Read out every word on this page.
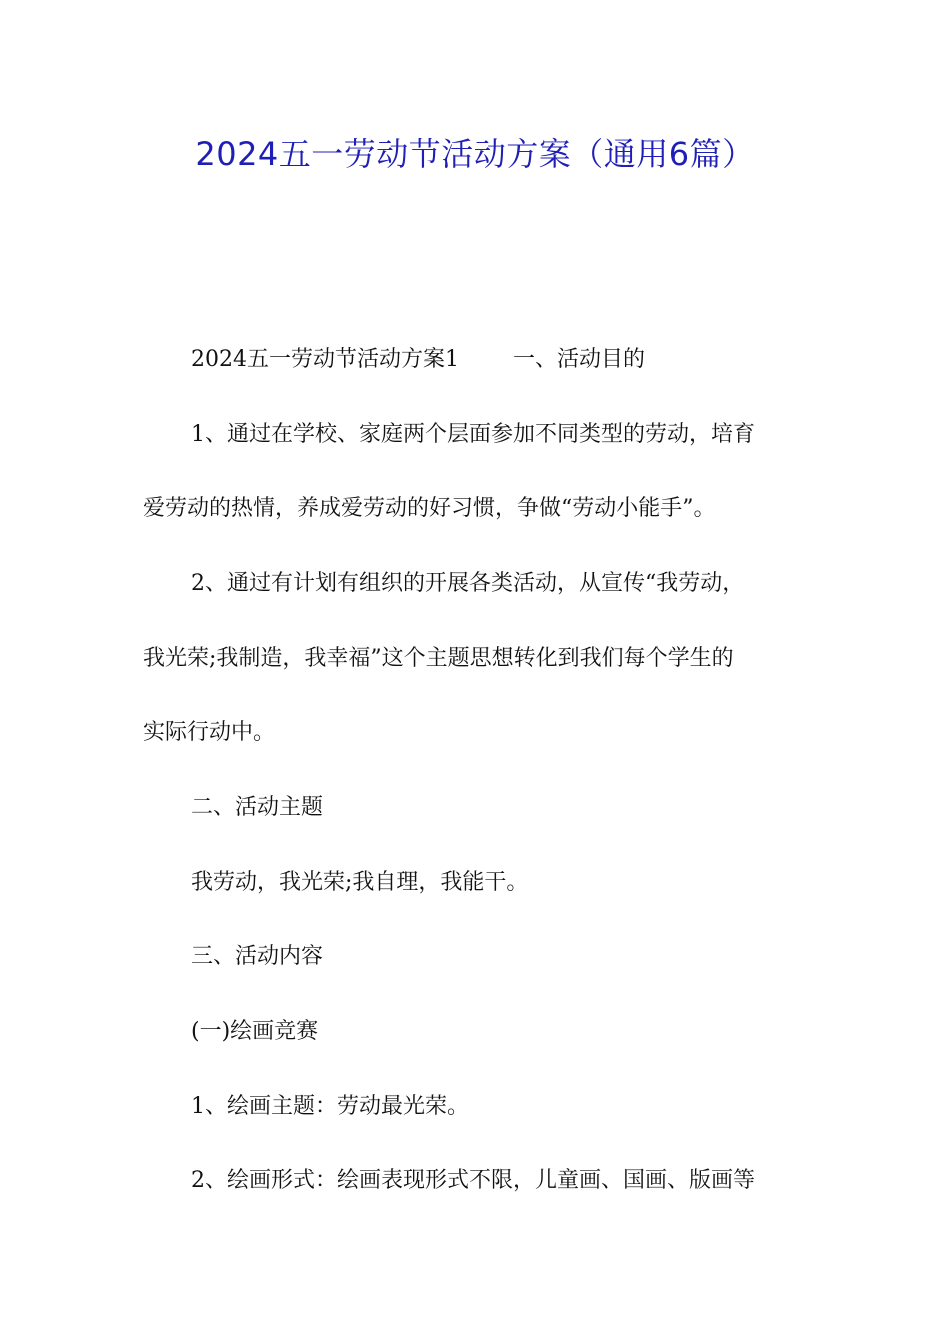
2024五一劳动节活动方案（通用6篇）
2024五一劳动节活动方案1 一、活动目的
1、通过在学校、家庭两个层面参加不同类型的劳动，培育
爱劳动的热情，养成爱劳动的好习惯，争做“劳动小能手”。
2、通过有计划有组织的开展各类活动，从宣传“我劳动，
我光荣;我制造，我幸福”这个主题思想转化到我们每个学生的
实际行动中。
二、活动主题
我劳动，我光荣;我自理，我能干。
三、活动内容
(一)绘画竞赛
1、绘画主题：劳动最光荣。
2、绘画形式：绘画表现形式不限，儿童画、国画、版画等
